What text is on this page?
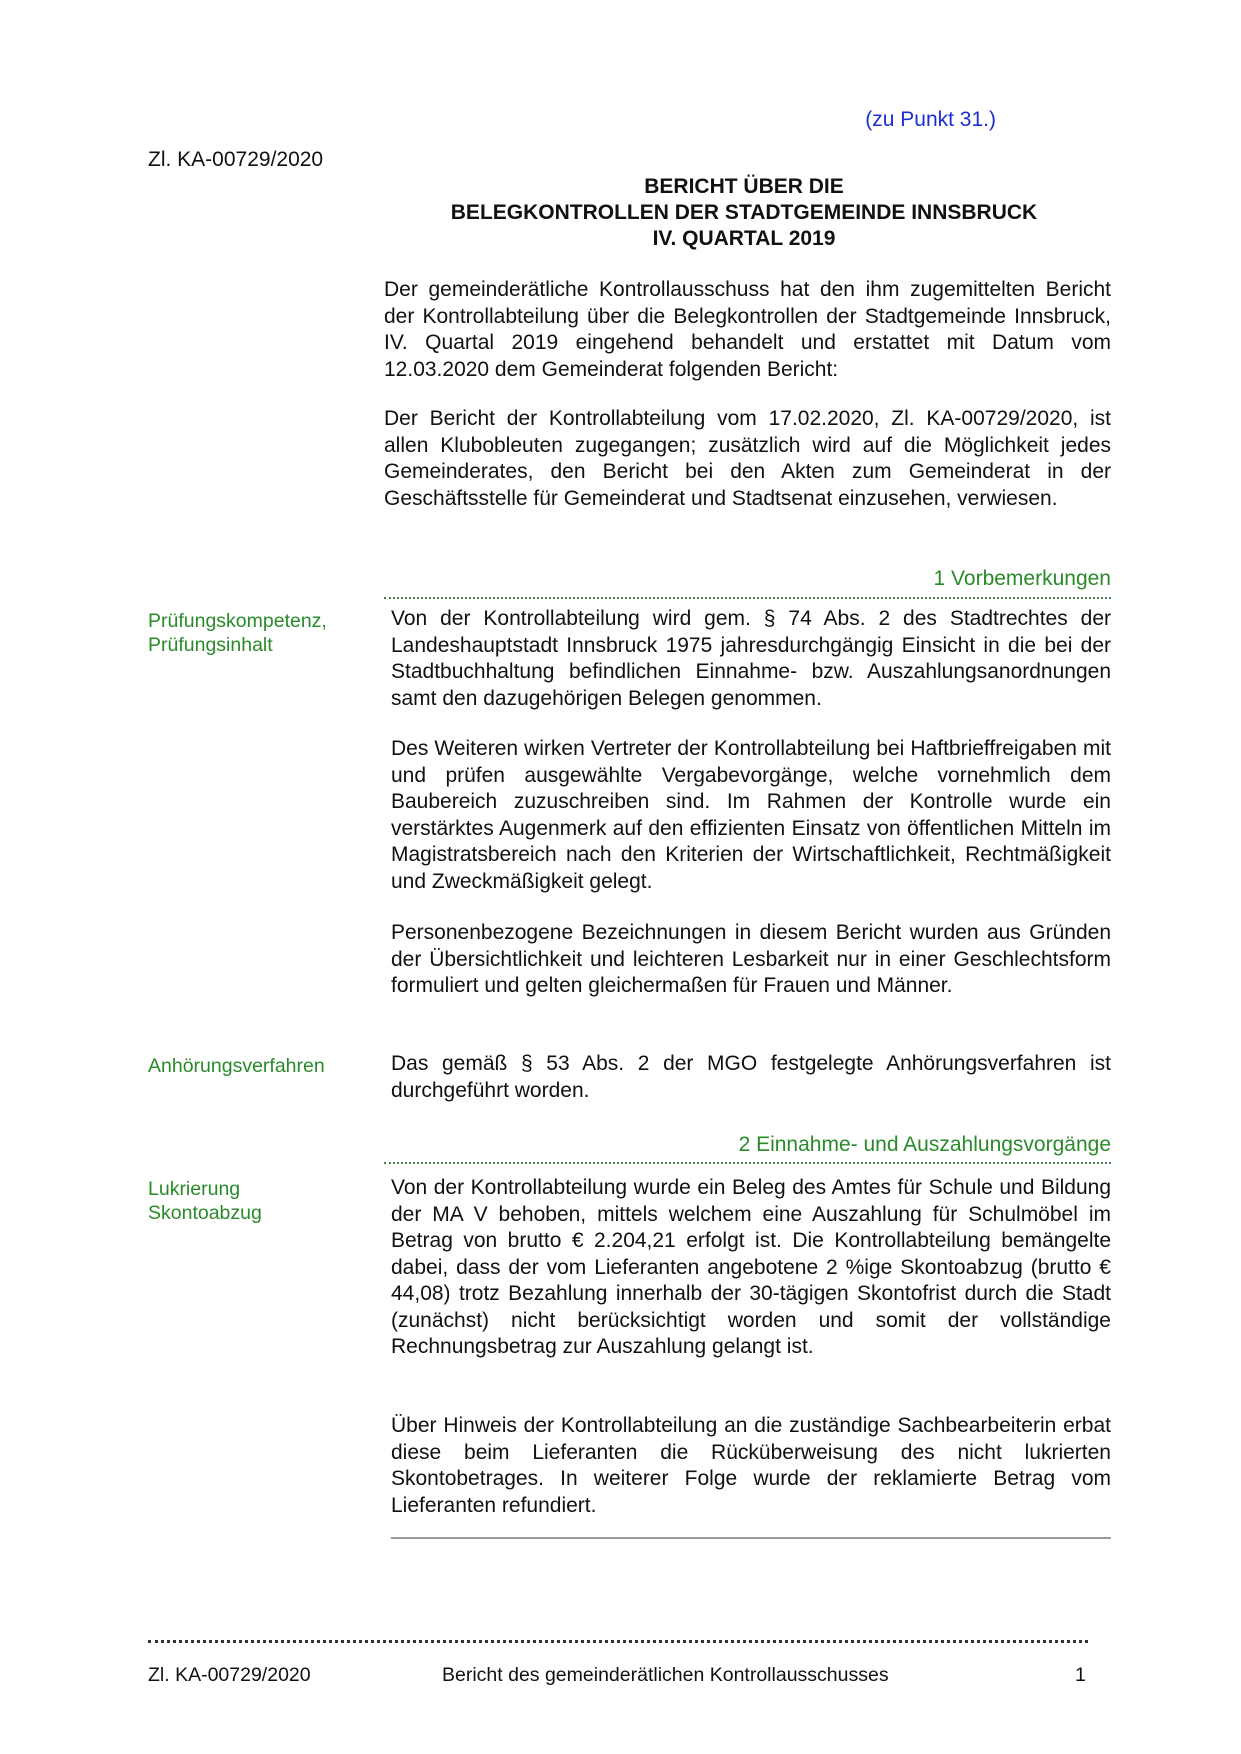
(zu Punkt 31.)
Zl. KA-00729/2020
BERICHT ÜBER DIE
BELEGKONTROLLEN DER STADTGEMEINDE INNSBRUCK
IV. QUARTAL 2019
Der gemeinderätliche Kontrollausschuss hat den ihm zugemittelten Bericht der Kontrollabteilung über die Belegkontrollen der Stadtgemeinde Innsbruck, IV. Quartal 2019 eingehend behandelt und erstattet mit Datum vom 12.03.2020 dem Gemeinderat folgenden Bericht:
Der Bericht der Kontrollabteilung vom 17.02.2020, Zl. KA-00729/2020, ist allen Klubobleuten zugegangen; zusätzlich wird auf die Möglichkeit jedes Gemeinderates, den Bericht bei den Akten zum Gemeinderat in der Geschäftsstelle für Gemeinderat und Stadtsenat einzusehen, verwiesen.
1 Vorbemerkungen
Prüfungskompetenz,
Prüfungsinhalt
Von der Kontrollabteilung wird gem. § 74 Abs. 2 des Stadtrechtes der Landeshauptstadt Innsbruck 1975 jahresdurchgängig Einsicht in die bei der Stadtbuchhaltung befindlichen Einnahme- bzw. Auszahlungsanordnungen samt den dazugehörigen Belegen genommen.
Des Weiteren wirken Vertreter der Kontrollabteilung bei Haftbrieffreigaben mit und prüfen ausgewählte Vergabevorgänge, welche vornehmlich dem Baubereich zuzuschreiben sind. Im Rahmen der Kontrolle wurde ein verstärktes Augenmerk auf den effizienten Einsatz von öffentlichen Mitteln im Magistratsbereich nach den Kriterien der Wirtschaftlichkeit, Rechtmäßigkeit und Zweckmäßigkeit gelegt.
Personenbezogene Bezeichnungen in diesem Bericht wurden aus Gründen der Übersichtlichkeit und leichteren Lesbarkeit nur in einer Geschlechtsform formuliert und gelten gleichermaßen für Frauen und Männer.
Anhörungsverfahren	Das gemäß § 53 Abs. 2 der MGO festgelegte Anhörungsverfahren ist durchgeführt worden.
2 Einnahme- und Auszahlungsvorgänge
Lukrierung
Skontoabzug
Von der Kontrollabteilung wurde ein Beleg des Amtes für Schule und Bildung der MA V behoben, mittels welchem eine Auszahlung für Schulmöbel im Betrag von brutto € 2.204,21 erfolgt ist. Die Kontrollabteilung bemängelte dabei, dass der vom Lieferanten angebotene 2 %ige Skontoabzug (brutto € 44,08) trotz Bezahlung innerhalb der 30-tägigen Skontofrist durch die Stadt (zunächst) nicht berücksichtigt worden und somit der vollständige Rechnungsbetrag zur Auszahlung gelangt ist.
Über Hinweis der Kontrollabteilung an die zuständige Sachbearbeiterin erbat diese beim Lieferanten die Rücküberweisung des nicht lukrierten Skontobetrages. In weiterer Folge wurde der reklamierte Betrag vom Lieferanten refundiert.
Zl. KA-00729/2020	Bericht des gemeinderätlichen Kontrollausschusses	1
